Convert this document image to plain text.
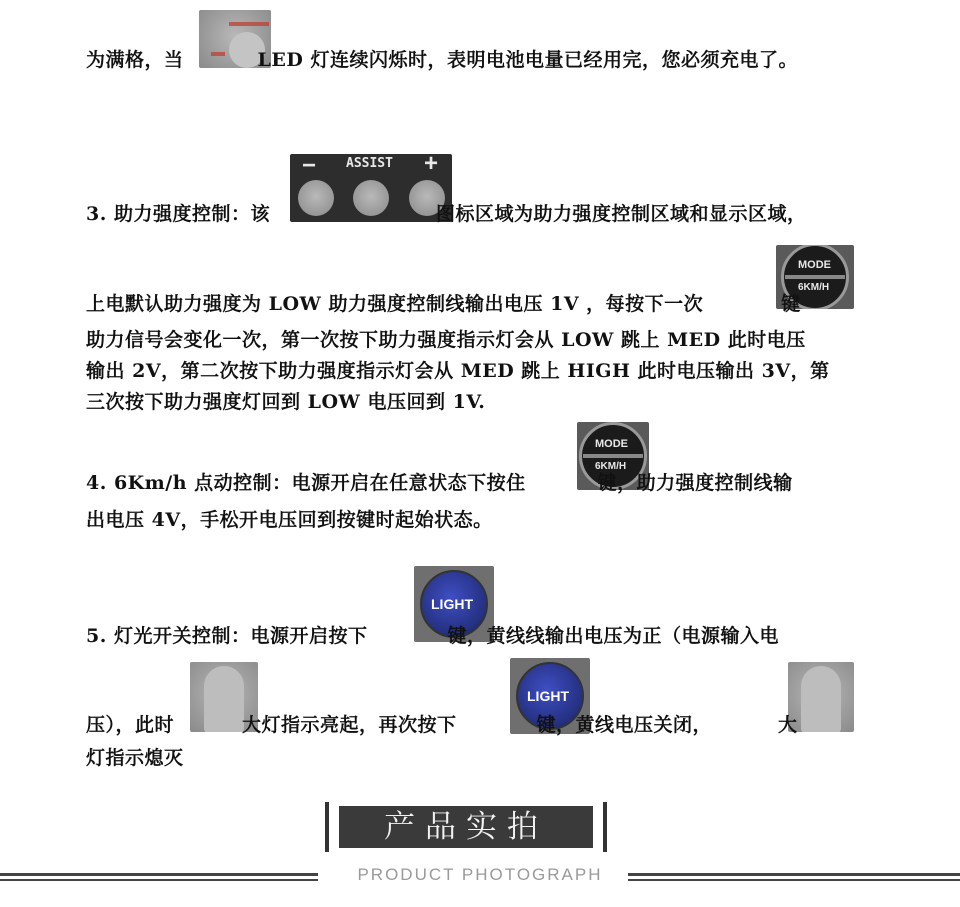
为满格，当	LED 灯连续闪烁时，表明电池电量已经用完，您必须充电了。
− ASSIST +
3. 助力强度控制：该	图标区域为助力强度控制区域和显示区域，
MODE
6KM/H
上电默认助力强度为 LOW 助力强度控制线输出电压 1V ，每按下一次	键
助力信号会变化一次，第一次按下助力强度指示灯会从 LOW 跳上 MED 此时电压
输出 2V，第二次按下助力强度指示灯会从 MED 跳上 HIGH 此时电压输出 3V，第
三次按下助力强度灯回到 LOW 电压回到 1V.
MODE
6KM/H
4. 6Km/h 点动控制：电源开启在任意状态下按住	键，助力强度控制线输
出电压 4V，手松开电压回到按键时起始状态。
LIGHT
5. 灯光开关控制：电源开启按下	键，黄线线输出电压为正（电源输入电
LIGHT
压），此时	大灯指示亮起，再次按下	键，黄线电压关闭，	大
灯指示熄灭
产品实拍
PRODUCT PHOTOGRAPH
